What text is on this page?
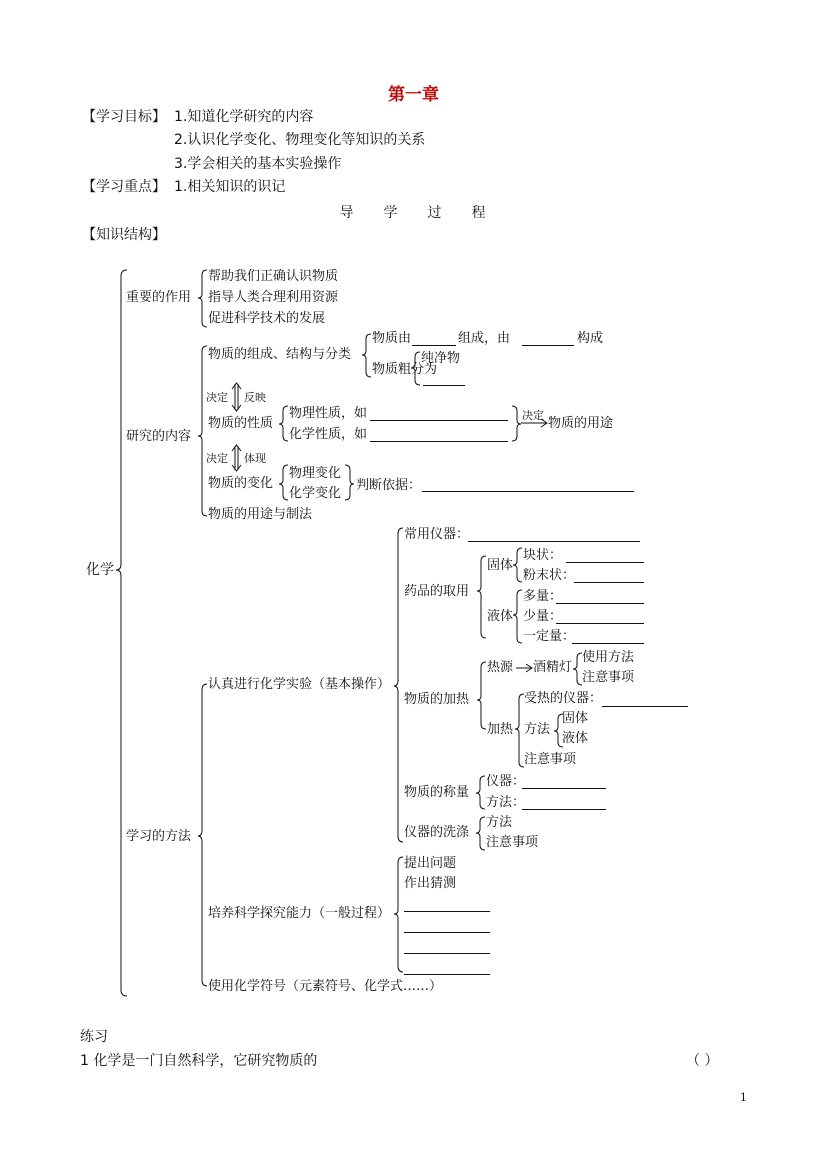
第一章
【学习目标】 1.知道化学研究的内容
2.认识化学变化、物理变化等知识的关系
3.学会相关的基本实验操作
【学习重点】 1.相关知识的识记
导 学 过 程
【知识结构】
化学
重要的作用
帮助我们正确认识物质
指导人类合理利用资源
促进科学技术的发展
研究的内容
物质的组成、结构与分类
物质由	组成，由	构成
物质粗分为
纯净物
决定 反映
物质的性质
物理性质，如
化学性质，如
决定
物质的用途
决定 体现
物质的变化
物理变化
化学变化
判断依据：
物质的用途与制法
学习的方法
认真进行化学实验（基本操作）
常用仪器：
药品的取用
固体
块状：
粉末状：
液体
多量：
少量：
一定量：
物质的加热
热源 酒精灯
使用方法
注意事项
加热
受热的仪器：
方法
固体
液体
注意事项
物质的称量
仪器：
方法：
仪器的洗涤
方法
注意事项
培养科学探究能力（一般过程）
提出问题
作出猜测
使用化学符号（元素符号、化学式……）
练习
1 化学是一门自然科学，它研究物质的	（ ）
1
